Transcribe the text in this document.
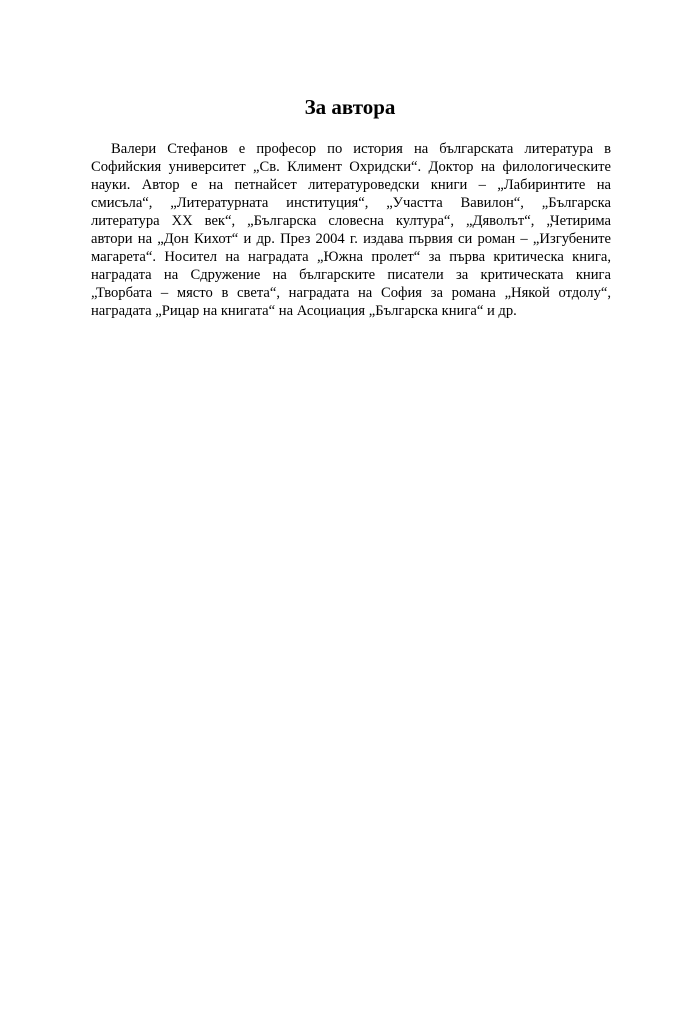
За автора

Валери Стефанов е професор по история на българската литература в
Софийския университет „Св. Климент Охридски“. Доктор на филологическите
науки. Автор е на петнайсет литературоведски книги – „Лабиринтите на
смисъла“, „Литературната институция“, „Участта Вавилон“, „Българска
литература XX век“, „Българска словесна култура“, „Дяволът“, „Четирима
автори на „Дон Кихот“ и др. През 2004 г. издава първия си роман – „Изгубените
магарета“. Носител на наградата „Южна пролет“ за първа критическа книга,
наградата на Сдружение на българските писатели за критическата книга
„Творбата – място в света“, наградата на София за романа „Някой отдолу“,
наградата „Рицар на книгата“ на Асоциация „Българска книга“ и др.
